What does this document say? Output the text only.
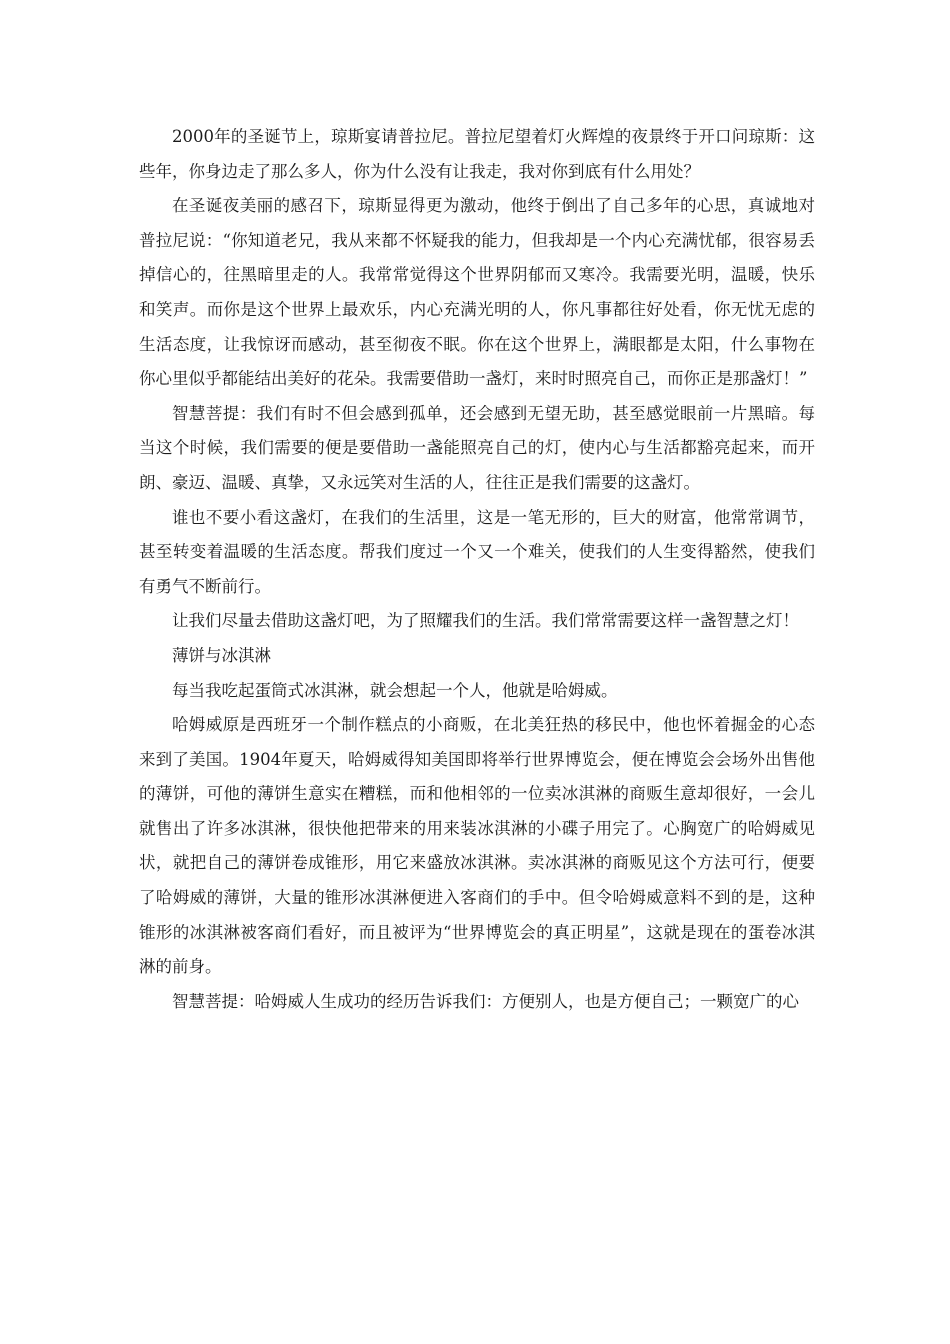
2000年的圣诞节上，琼斯宴请普拉尼。普拉尼望着灯火辉煌的夜景终于开口问琼斯：这些年，你身边走了那么多人，你为什么没有让我走，我对你到底有什么用处？

在圣诞夜美丽的感召下，琼斯显得更为激动，他终于倒出了自己多年的心思，真诚地对普拉尼说：“你知道老兄，我从来都不怀疑我的能力，但我却是一个内心充满忧郁，很容易丢掉信心的，往黑暗里走的人。我常常觉得这个世界阴郁而又寒冷。我需要光明，温暖，快乐和笑声。而你是这个世界上最欢乐，内心充满光明的人，你凡事都往好处看，你无忧无虑的生活态度，让我惊讶而感动，甚至彻夜不眠。你在这个世界上，满眼都是太阳，什么事物在你心里似乎都能结出美好的花朵。我需要借助一盏灯，来时时照亮自己，而你正是那盏灯！”

智慧菩提：我们有时不但会感到孤单，还会感到无望无助，甚至感觉眼前一片黑暗。每当这个时候，我们需要的便是要借助一盏能照亮自己的灯，使内心与生活都豁亮起来，而开朗、豪迈、温暖、真挚，又永远笑对生活的人，往往正是我们需要的这盏灯。

谁也不要小看这盏灯，在我们的生活里，这是一笔无形的，巨大的财富，他常常调节，甚至转变着温暖的生活态度。帮我们度过一个又一个难关，使我们的人生变得豁然，使我们有勇气不断前行。

让我们尽量去借助这盏灯吧，为了照耀我们的生活。我们常常需要这样一盏智慧之灯！

薄饼与冰淇淋

每当我吃起蛋筒式冰淇淋，就会想起一个人，他就是哈姆威。

哈姆威原是西班牙一个制作糕点的小商贩，在北美狂热的移民中，他也怀着掘金的心态来到了美国。1904年夏天，哈姆威得知美国即将举行世界博览会，便在博览会会场外出售他的薄饼，可他的薄饼生意实在糟糕，而和他相邻的一位卖冰淇淋的商贩生意却很好，一会儿就售出了许多冰淇淋，很快他把带来的用来装冰淇淋的小碟子用完了。心胸宽广的哈姆威见状，就把自己的薄饼卷成锥形，用它来盛放冰淇淋。卖冰淇淋的商贩见这个方法可行，便要了哈姆威的薄饼，大量的锥形冰淇淋便进入客商们的手中。但令哈姆威意料不到的是，这种锥形的冰淇淋被客商们看好，而且被评为“世界博览会的真正明星”，这就是现在的蛋卷冰淇淋的前身。

智慧菩提：哈姆威人生成功的经历告诉我们：方便别人，也是方便自己；一颗宽广的心
